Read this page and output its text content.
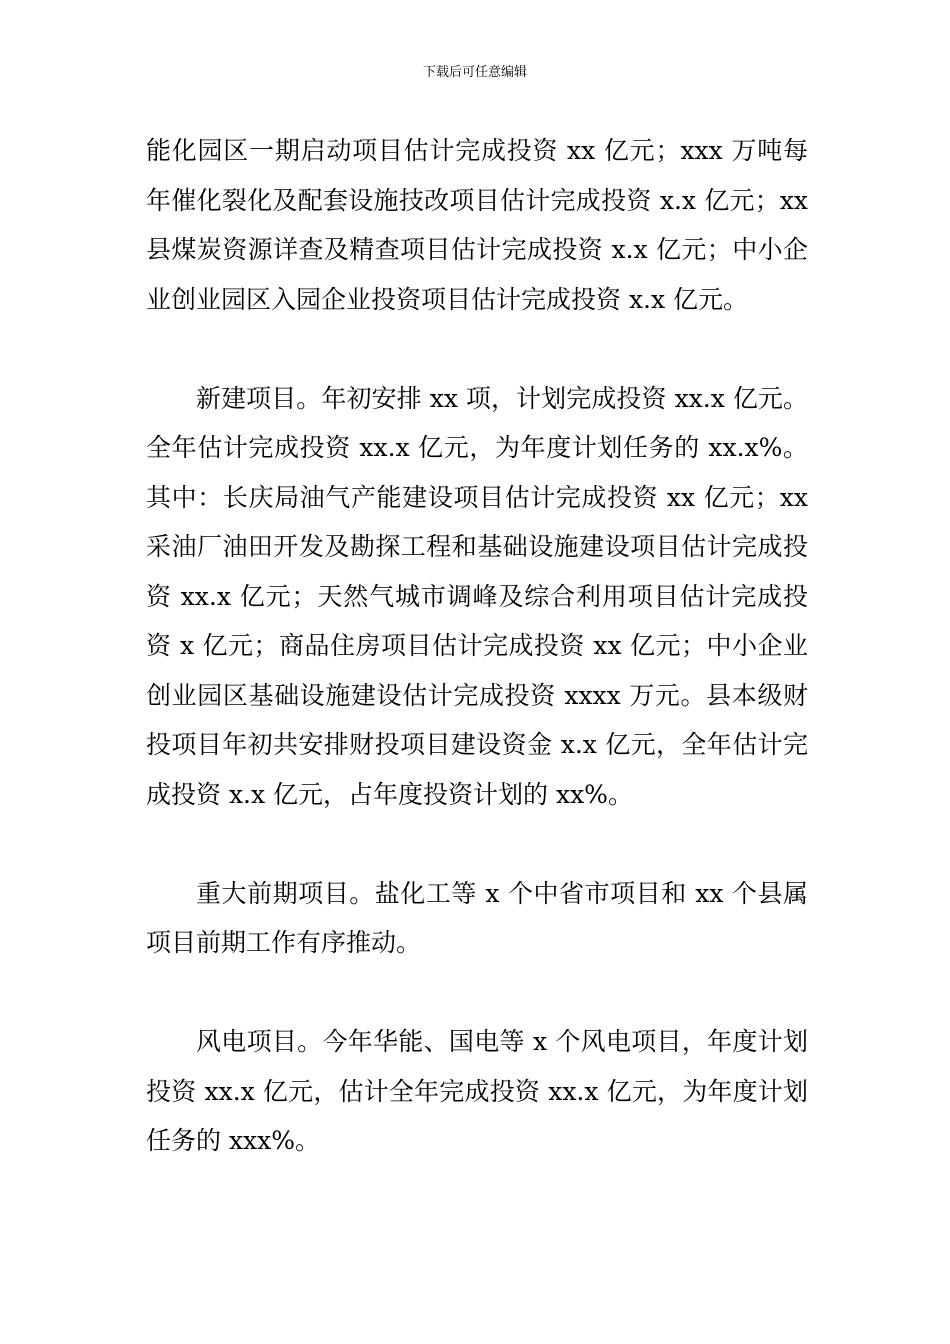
下载后可任意编辑

能化园区一期启动项目估计完成投资 xx 亿元；xxx 万吨每年催化裂化及配套设施技改项目估计完成投资 x.x 亿元；xx 县煤炭资源详查及精查项目估计完成投资 x.x 亿元；中小企业创业园区入园企业投资项目估计完成投资 x.x 亿元。

新建项目。年初安排 xx 项，计划完成投资 xx.x 亿元。全年估计完成投资 xx.x 亿元，为年度计划任务的 xx.x%。其中：长庆局油气产能建设项目估计完成投资 xx 亿元；xx 采油厂油田开发及勘探工程和基础设施建设项目估计完成投资 xx.x 亿元；天然气城市调峰及综合利用项目估计完成投资 x 亿元；商品住房项目估计完成投资 xx 亿元；中小企业创业园区基础设施建设估计完成投资 xxxx 万元。县本级财投项目年初共安排财投项目建设资金 x.x 亿元，全年估计完成投资 x.x 亿元，占年度投资计划的 xx%。

重大前期项目。盐化工等 x 个中省市项目和 xx 个县属项目前期工作有序推动。

风电项目。今年华能、国电等 x 个风电项目，年度计划投资 xx.x 亿元，估计全年完成投资 xx.x 亿元，为年度计划任务的 xxx%。
